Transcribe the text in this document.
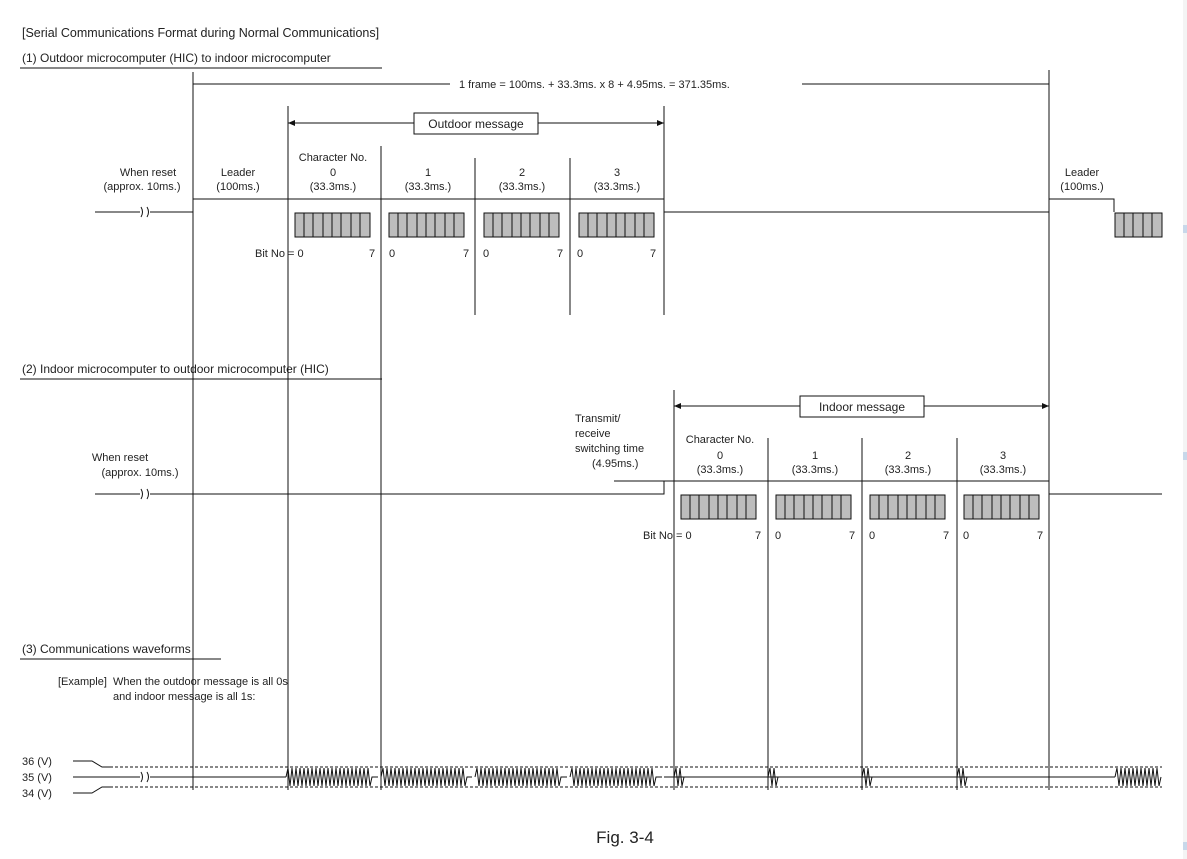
[Serial Communications Format during Normal Communications]
(1) Outdoor microcomputer (HIC) to indoor microcomputer
1 frame = 100ms. + 33.3ms. x 8 + 4.95ms. = 371.35ms.
Outdoor message
When reset
(approx. 10ms.)
Leader
(100ms.)
Character No.
0
(33.3ms.)
1
(33.3ms.)
2
(33.3ms.)
3
(33.3ms.)
Leader
(100ms.)
Bit No = 0	7 0	7 0	7 0	7
(2) Indoor microcomputer to outdoor microcomputer (HIC)
Indoor message
Transmit/
receive
switching time
(4.95ms.)
When reset
(approx. 10ms.)
Character No.
0
(33.3ms.)
1
(33.3ms.)
2
(33.3ms.)
3
(33.3ms.)
Bit No = 0	7 0	7 0	7 0	7
(3) Communications waveforms
[Example] When the outdoor message is all 0s
and indoor message is all 1s:
36 (V)
35 (V)
34 (V)
Fig. 3-4
